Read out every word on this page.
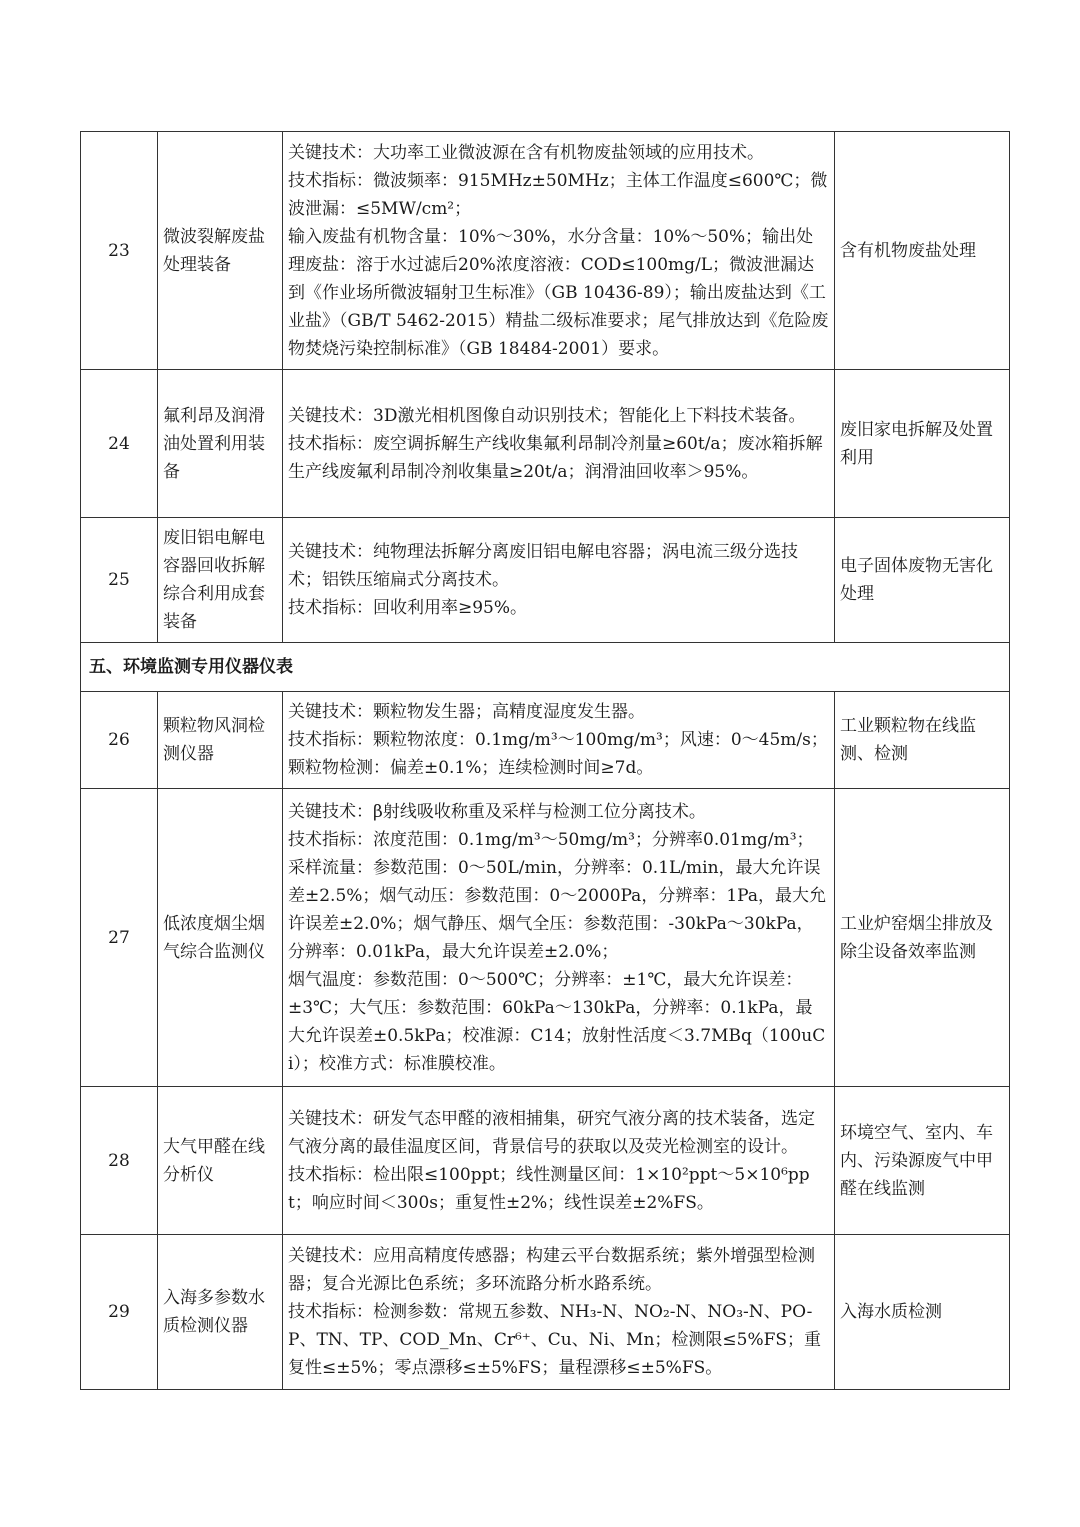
23	微波裂解废盐处理装备	关键技术：大功率工业微波源在含有机物废盐领域的应用技术。
技术指标：微波频率：915MHz±50MHz；主体工作温度≤600℃；微波泄漏：≤5MW/cm²；
输入废盐有机物含量：10%～30%，水分含量：10%～50%；输出处理废盐：溶于水过滤后20%浓度溶液：COD≤100mg/L；微波泄漏达到《作业场所微波辐射卫生标准》（GB 10436-89）；输出废盐达到《工业盐》（GB/T 5462-2015）精盐二级标准要求；尾气排放达到《危险废物焚烧污染控制标准》（GB 18484-2001）要求。	含有机物废盐处理
24	氟利昂及润滑油处置利用装备	关键技术：3D激光相机图像自动识别技术；智能化上下料技术装备。
技术指标：废空调拆解生产线收集氟利昂制冷剂量≥60t/a；废冰箱拆解生产线废氟利昂制冷剂收集量≥20t/a；润滑油回收率＞95%。	废旧家电拆解及处置利用
25	废旧铝电解电容器回收拆解综合利用成套装备	关键技术：纯物理法拆解分离废旧铝电解电容器；涡电流三级分选技术；铝铁压缩扁式分离技术。
技术指标：回收利用率≥95%。	电子固体废物无害化处理
五、环境监测专用仪器仪表			
26	颗粒物风洞检测仪器	关键技术：颗粒物发生器；高精度湿度发生器。
技术指标：颗粒物浓度：0.1mg/m³～100mg/m³；风速：0～45m/s；颗粒物检测：偏差±0.1%；连续检测时间≥7d。	工业颗粒物在线监测、检测
27	低浓度烟尘烟气综合监测仪	关键技术：β射线吸收称重及采样与检测工位分离技术。
技术指标：浓度范围：0.1mg/m³～50mg/m³；分辨率0.01mg/m³；采样流量：参数范围：0～50L/min，分辨率：0.1L/min，最大允许误差±2.5%；烟气动压：参数范围：0～2000Pa，分辨率：1Pa，最大允许误差±2.0%；烟气静压、烟气全压：参数范围：-30kPa～30kPa，分辨率：0.01kPa，最大允许误差±2.0%；
烟气温度：参数范围：0～500℃；分辨率：±1℃，最大允许误差：±3℃；大气压：参数范围：60kPa～130kPa，分辨率：0.1kPa，最大允许误差±0.5kPa；校准源：C14；放射性活度＜3.7MBq（100uCi）；校准方式：标准膜校准。	工业炉窑烟尘排放及除尘设备效率监测
28	大气甲醛在线分析仪	关键技术：研发气态甲醛的液相捕集，研究气液分离的技术装备，选定气液分离的最佳温度区间，背景信号的获取以及荧光检测室的设计。
技术指标：检出限≤100ppt；线性测量区间：1×10²ppt～5×10⁶ppt；响应时间＜300s；重复性±2%；线性误差±2%FS。	环境空气、室内、车内、污染源废气中甲醛在线监测
29	入海多参数水质检测仪器	关键技术：应用高精度传感器；构建云平台数据系统；紫外增强型检测器；复合光源比色系统；多环流路分析水路系统。
技术指标：检测参数：常规五参数、NH₃-N、NO₂-N、NO₃-N、PO-P、TN、TP、COD_Mn、Cr⁶⁺、Cu、Ni、Mn；检测限≤5%FS；重复性≤±5%；零点漂移≤±5%FS；量程漂移≤±5%FS。	入海水质检测
